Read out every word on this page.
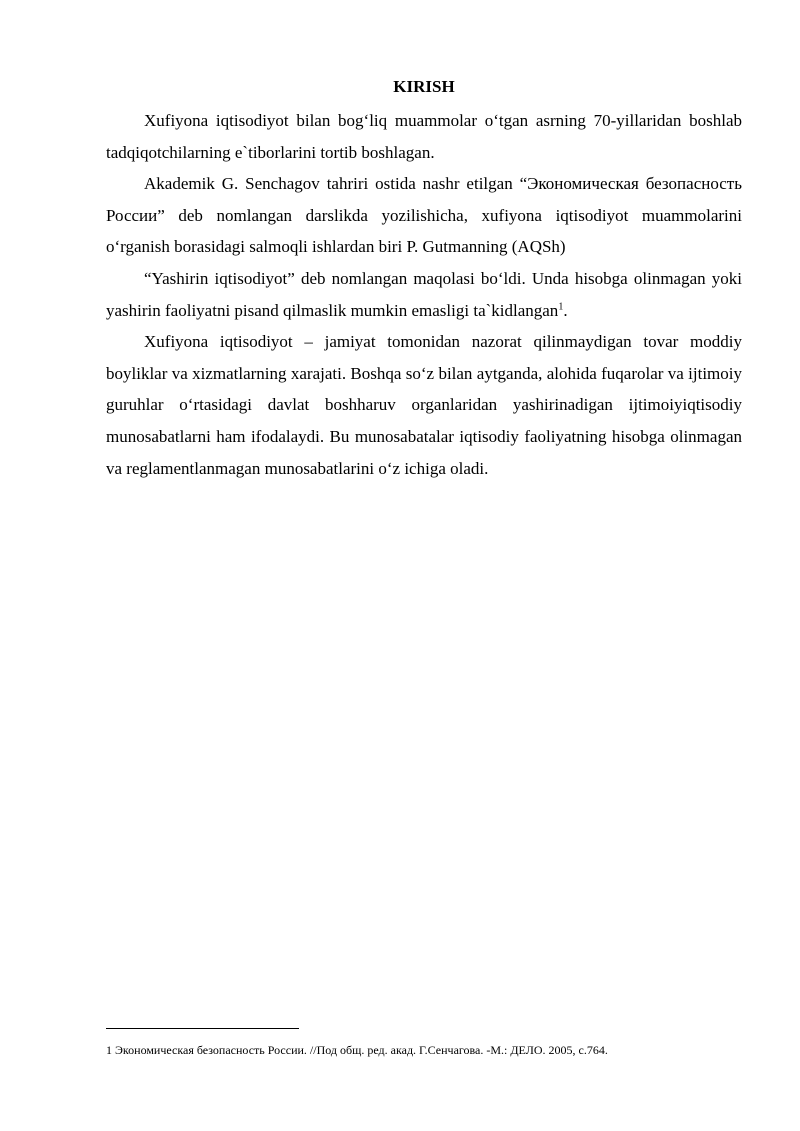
KIRISH

Xufiyona iqtisodiyot bilan bog‘liq muammolar o‘tgan asrning 70-yillaridan boshlab tadqiqotchilarning e`tiborlarini tortib boshlagan.

Akademik G. Senchagov tahriri ostida nashr etilgan “Экономическая безопасность России” deb nomlangan darslikda yozilishicha, xufiyona iqtisodiyot muammolarini o‘rganish borasidagi salmoqli ishlardan biri P. Gutmanning (AQSh)

“Yashirin iqtisodiyot” deb nomlangan maqolasi bo‘ldi. Unda hisobga olinmagan yoki yashirin faoliyatni pisand qilmaslik mumkin emasligi ta`kidlangan$^1$.

Xufiyona iqtisodiyot – jamiyat tomonidan nazorat qilinmaydigan tovar moddiy boyliklar va xizmatlarning xarajati. Boshqa so‘z bilan aytganda, alohida fuqarolar va ijtimoiy guruhlar o‘rtasidagi davlat boshharuv organlaridan yashirinadigan ijtimoiyiqtisodiy munosabatlarni ham ifodalaydi. Bu munosabatalar iqtisodiy faoliyatning hisobga olinmagan va reglamentlanmagan munosabatlarini o‘z ichiga oladi.

1 Экономическая безопасность России. //Под общ. ред. акад. Г.Сенчагова. -М.: ДЕЛО. 2005, с.764.
